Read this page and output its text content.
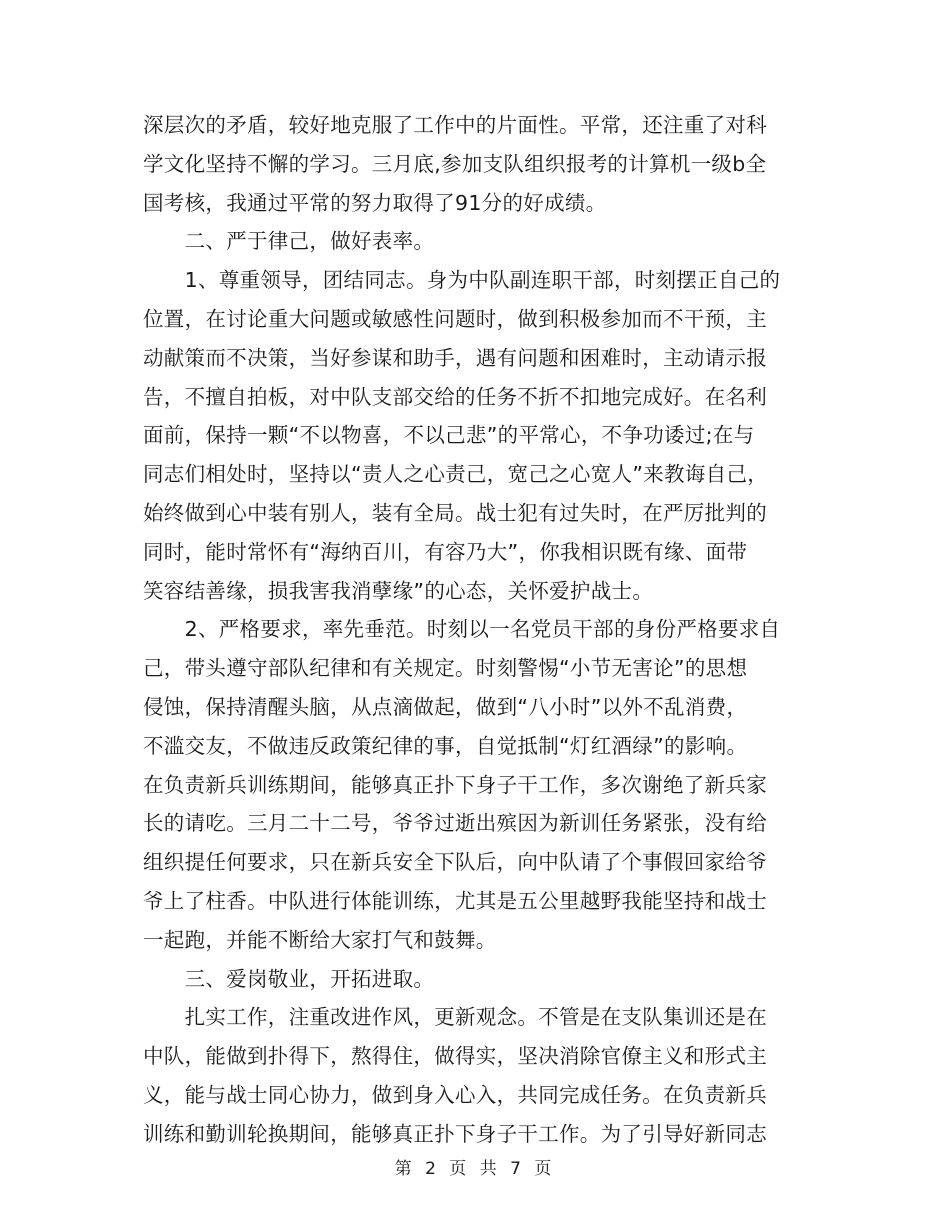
深层次的矛盾，较好地克服了工作中的片面性。平常，还注重了对科
学文化坚持不懈的学习。三月底,参加支队组织报考的计算机一级b全
国考核，我通过平常的努力取得了91分的好成绩。
　　二、严于律己，做好表率。
　　1、尊重领导，团结同志。身为中队副连职干部，时刻摆正自己的
位置，在讨论重大问题或敏感性问题时，做到积极参加而不干预，主
动献策而不决策，当好参谋和助手，遇有问题和困难时，主动请示报
告，不擅自拍板，对中队支部交给的任务不折不扣地完成好。在名利
面前，保持一颗“不以物喜，不以己悲”的平常心，不争功诿过;在与
同志们相处时，坚持以“责人之心责己，宽己之心宽人”来教诲自己，
始终做到心中装有别人，装有全局。战士犯有过失时，在严厉批判的
同时，能时常怀有“海纳百川，有容乃大”，你我相识既有缘、面带
笑容结善缘，损我害我消孽缘”的心态，关怀爱护战士。
　　2、严格要求，率先垂范。时刻以一名党员干部的身份严格要求自
己，带头遵守部队纪律和有关规定。时刻警惕“小节无害论”的思想
侵蚀，保持清醒头脑，从点滴做起，做到“八小时”以外不乱消费，
不滥交友，不做违反政策纪律的事，自觉抵制“灯红酒绿”的影响。
在负责新兵训练期间，能够真正扑下身子干工作，多次谢绝了新兵家
长的请吃。三月二十二号，爷爷过逝出殡因为新训任务紧张，没有给
组织提任何要求，只在新兵安全下队后，向中队请了个事假回家给爷
爷上了柱香。中队进行体能训练，尤其是五公里越野我能坚持和战士
一起跑，并能不断给大家打气和鼓舞。
　　三、爱岗敬业，开拓进取。
　　扎实工作，注重改进作风，更新观念。不管是在支队集训还是在
中队，能做到扑得下，熬得住，做得实，坚决消除官僚主义和形式主
义，能与战士同心协力，做到身入心入，共同完成任务。在负责新兵
训练和勤训轮换期间，能够真正扑下身子干工作。为了引导好新同志
第 2 页 共 7 页
